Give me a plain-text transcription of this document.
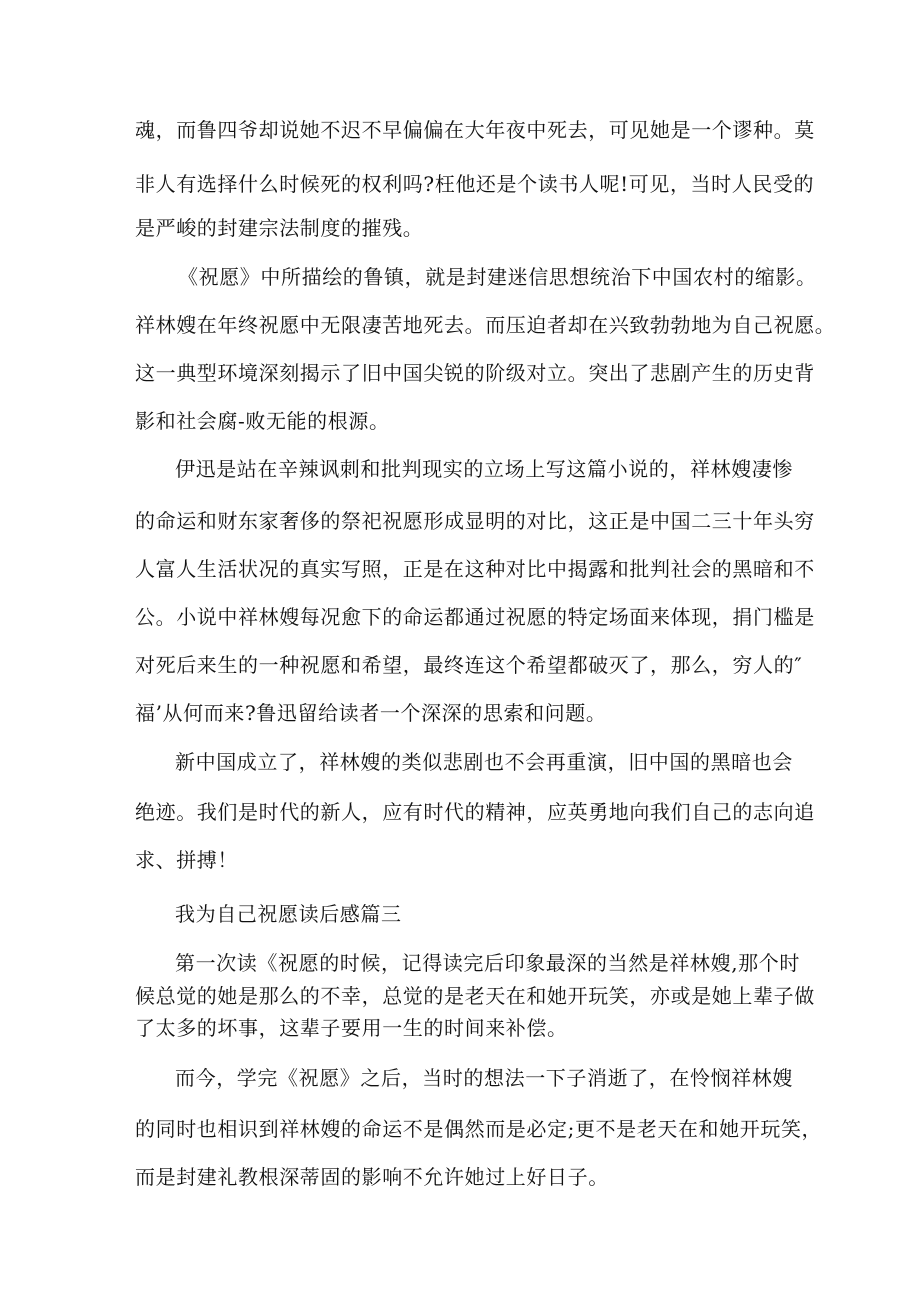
魂，而鲁四爷却说她不迟不早偏偏在大年夜中死去，可见她是一个谬种。莫

非人有选择什么时候死的权利吗?枉他还是个读书人呢!可见，当时人民受的

是严峻的封建宗法制度的摧残。

《祝愿》中所描绘的鲁镇，就是封建迷信思想统治下中国农村的缩影。

祥林嫂在年终祝愿中无限凄苦地死去。而压迫者却在兴致勃勃地为自己祝愿。

这一典型环境深刻揭示了旧中国尖锐的阶级对立。突出了悲剧产生的历史背

影和社会腐-败无能的根源。

伊迅是站在辛辣讽刺和批判现实的立场上写这篇小说的，祥林嫂凄惨

的命运和财东家奢侈的祭祀祝愿形成显明的对比，这正是中国二三十年头穷

人富人生活状况的真实写照，正是在这种对比中揭露和批判社会的黑暗和不

公。小说中祥林嫂每况愈下的命运都通过祝愿的特定场面来体现，捐门槛是

对死后来生的一种祝愿和希望，最终连这个希望都破灭了，那么，穷人的″

福’从何而来?鲁迅留给读者一个深深的思索和问题。

新中国成立了，祥林嫂的类似悲剧也不会再重演，旧中国的黑暗也会

绝迹。我们是时代的新人，应有时代的精神，应英勇地向我们自己的志向追

求、拼搏！

我为自己祝愿读后感篇三

第一次读《祝愿的时候，记得读完后印象最深的当然是祥林嫂,那个时

候总觉的她是那么的不幸，总觉的是老天在和她开玩笑，亦或是她上辈子做

了太多的坏事，这辈子要用一生的时间来补偿。

而今，学完《祝愿》之后，当时的想法一下子消逝了，在怜悯祥林嫂

的同时也相识到祥林嫂的命运不是偶然而是必定;更不是老天在和她开玩笑，

而是封建礼教根深蒂固的影响不允许她过上好日子。
